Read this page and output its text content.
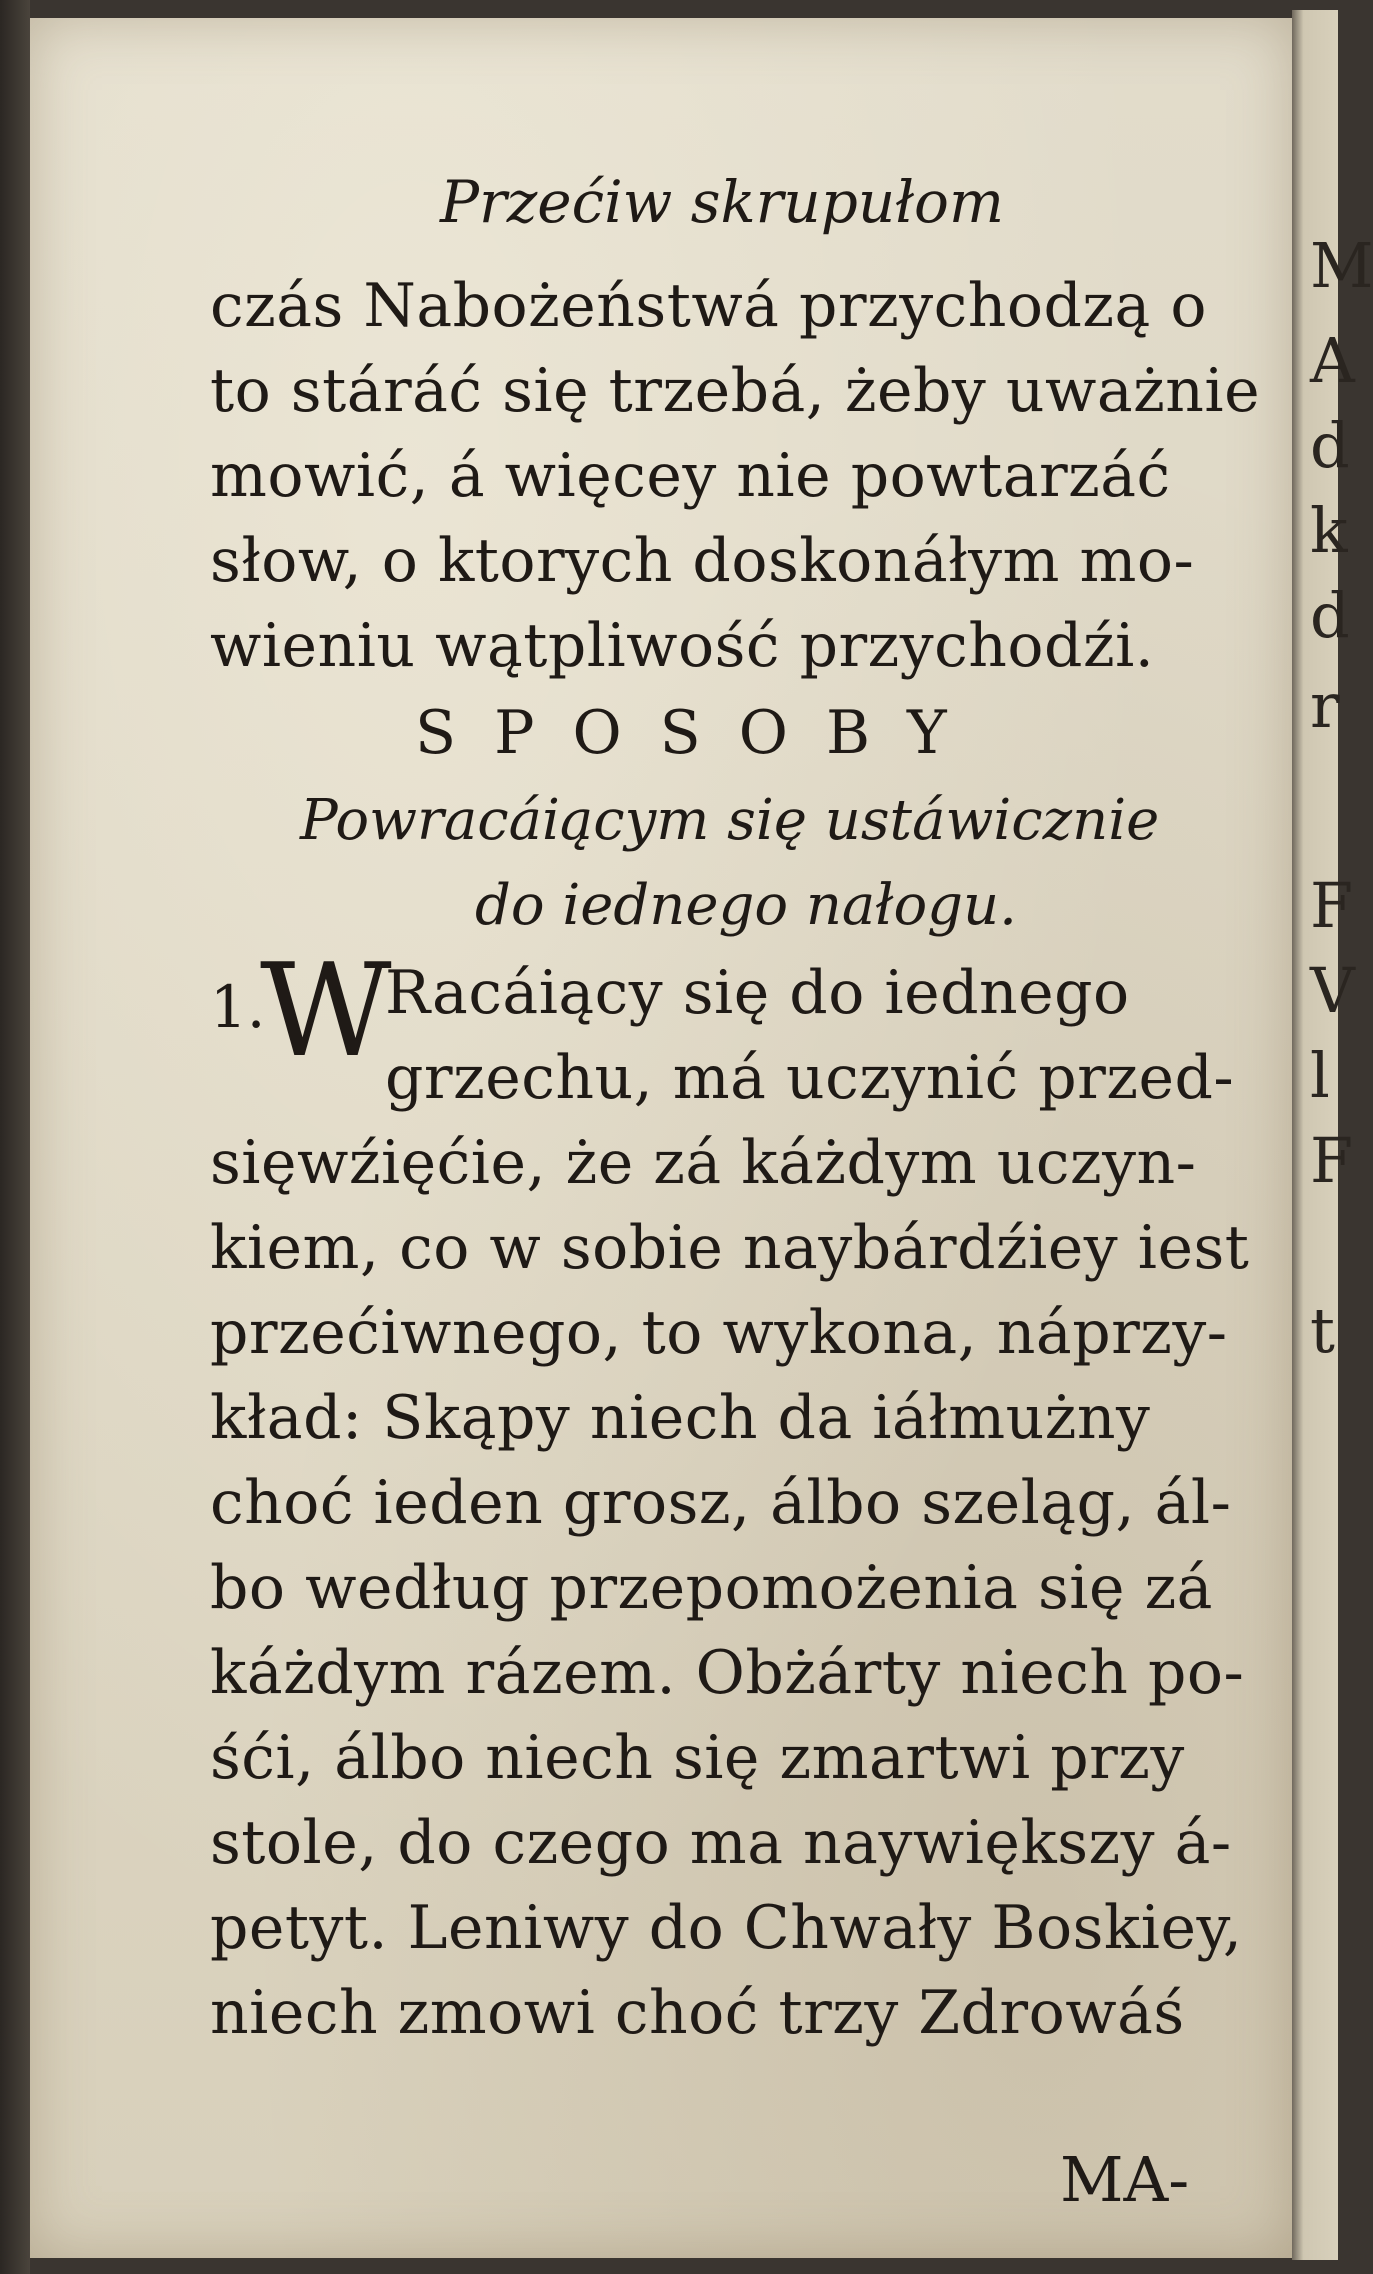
Przećiw skrupułom
czás Nabożeństwá przychodzą o
to stáráć się trzebá, żeby uważnie
mowić, á więcey nie powtarzáć
słow, o ktorych doskonáłym mo-
wieniu wątpliwość przychodźi.
SPOSOBY
Powracáiącym się ustáwicznie
do iednego nałogu.
1.
W
Racáiący się do iednego
grzechu, má uczynić przed-
sięwźięćie, że zá káżdym uczyn-
kiem, co w sobie naybárdźiey iest
przećiwnego, to wykona, náprzy-
kład: Skąpy niech da iáłmużny
choć ieden grosz, álbo szeląg, ál-
bo według przepomożenia się zá
káżdym rázem. Obżárty niech po-
śći, álbo niech się zmartwi przy
stole, do czego ma naywiększy á-
petyt. Leniwy do Chwały Boskiey,
niech zmowi choć trzy Zdrowáś
MA-
M
A
d
k
d
r
F
V
l
F
t
